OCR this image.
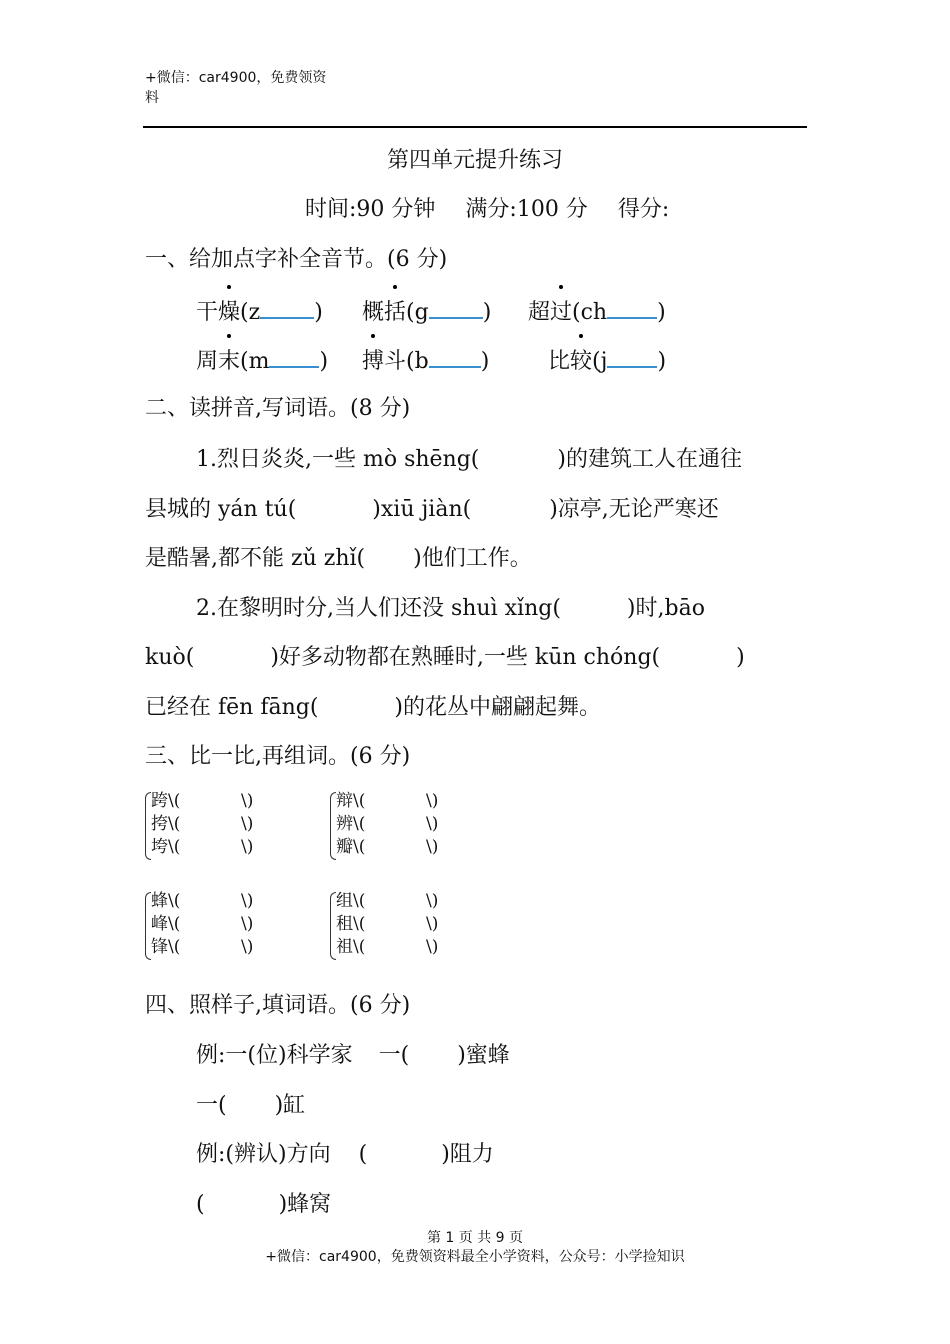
+微信：car4900，免费领资
料
第四单元提升练习
时间:90 分钟 满分:100 分 得分:
一、给加点字补全音节。(6 分)
干燥(z ) 概括(g ) 超过(ch )
周末(m ) 搏斗(b )	比较(j )
二、读拼音,写词语。(8 分)
1.烈日炎炎,一些 mò shēng(	)的建筑工人在通往
县城的 yán tú(	)xiū jiàn(	)凉亭,无论严寒还
是酷暑,都不能 zǔ zhǐ( )他们工作。
2.在黎明时分,当人们还没 shuì xǐng(	)时,bāo
kuò(	)好多动物都在熟睡时,一些 kūn chóng(	)
已经在 fēn fāng(	)的花丛中翩翩起舞。
三、比一比,再组词。(6 分)
跨\(	\)
挎\(	\)
垮\(	\)
辩\(	\)
辨\(	\)
瓣\(	\)
蜂\(	\)
峰\(	\)
锋\(	\)
组\(	\)
租\(	\)
祖\(	\)
四、照样子,填词语。(6 分)
例:一(位)科学家 一( )蜜蜂
一( )缸
例:(辨认)方向 (	)阻力
(	)蜂窝
第 1 页 共 9 页
+微信：car4900，免费领资料最全小学资料，公众号：小学捡知识
